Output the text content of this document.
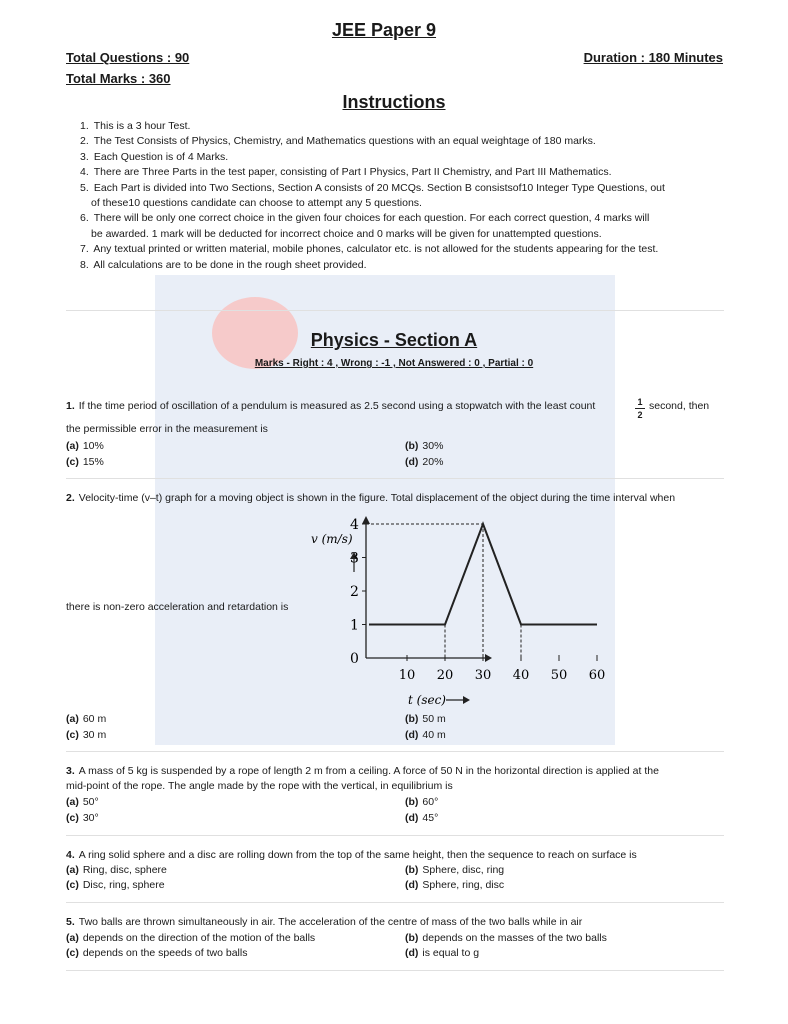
JEE Paper 9
Total Questions : 90	Duration : 180 Minutes
Total Marks : 360
Instructions
1. This is a 3 hour Test.
2. The Test Consists of Physics, Chemistry, and Mathematics questions with an equal weightage of 180 marks.
3. Each Question is of 4 Marks.
4. There are Three Parts in the test paper, consisting of Part I Physics, Part II Chemistry, and Part III Mathematics.
5. Each Part is divided into Two Sections, Section A consists of 20 MCQs. Section B consistsof10 Integer Type Questions, out
of these10 questions candidate can choose to attempt any 5 questions.
6. There will be only one correct choice in the given four choices for each question. For each correct question, 4 marks will
be awarded. 1 mark will be deducted for incorrect choice and 0 marks will be given for unattempted questions.
7. Any textual printed or written material, mobile phones, calculator etc. is not allowed for the students appearing for the test.
8. All calculations are to be done in the rough sheet provided.
Physics - Section A
Marks - Right : 4 , Wrong : -1 , Not Answered : 0 , Partial : 0
1. If the time period of oscillation of a pendulum is measured as 2.5 second using a stopwatch with the least count	1
2
second, then
the permissible error in the measurement is
(a) 10%	(b) 30%
(c) 15%	(d) 20%
2. Velocity-time (v–t) graph for a moving object is shown in the figure. Total displacement of the object during the time interval when
there is non-zero acceleration and retardation is
v (m/s)
0
1
2
3
4
10 20 30 40 50 60
t (sec)
(a) 60 m	(b) 50 m
(c) 30 m	(d) 40 m
3. A mass of 5 kg is suspended by a rope of length 2 m from a ceiling. A force of 50 N in the horizontal direction is applied at the
mid-point of the rope. The angle made by the rope with the vertical, in equilibrium is
(a) 50°	(b) 60°
(c) 30°	(d) 45°
4. A ring solid sphere and a disc are rolling down from the top of the same height, then the sequence to reach on surface is
(a) Ring, disc, sphere	(b) Sphere, disc, ring
(c) Disc, ring, sphere	(d) Sphere, ring, disc
5. Two balls are thrown simultaneously in air. The acceleration of the centre of mass of the two balls while in air
(a) depends on the direction of the motion of the balls	(b) depends on the masses of the two balls
(c) depends on the speeds of two balls	(d) is equal to g
